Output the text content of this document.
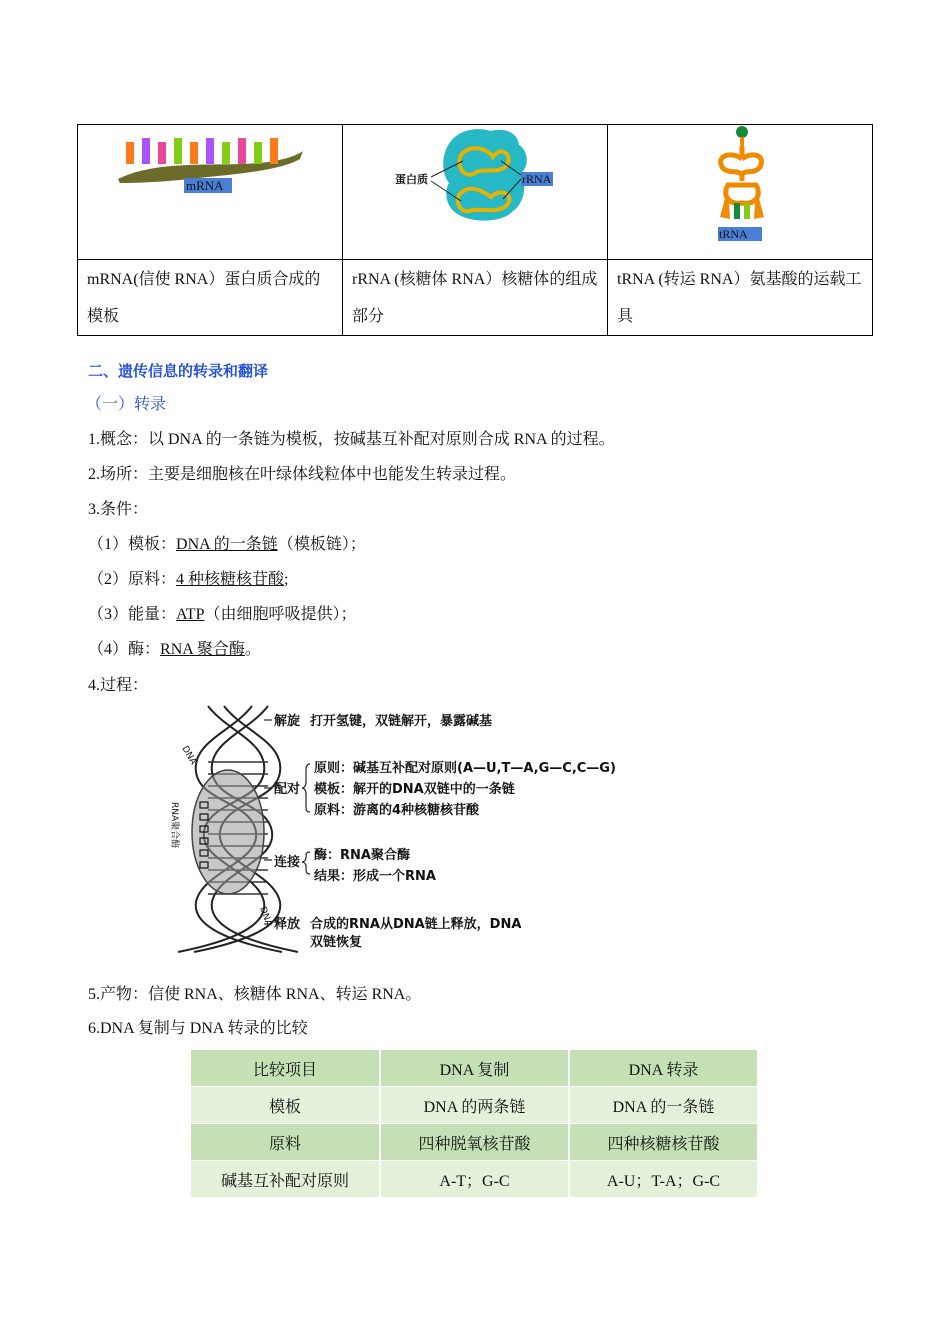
mRNA	蛋白质 rRNA	tRNA

mRNA(信使 RNA）蛋白质合成的模板	rRNA (核糖体 RNA）核糖体的组成部分	tRNA (转运 RNA）氨基酸的运载工具
二、遗传信息的转录和翻译
（一）转录
1.概念：以 DNA 的一条链为模板，按碱基互补配对原则合成 RNA 的过程。
2.场所：主要是细胞核在叶绿体线粒体中也能发生转录过程。
3.条件：
（1）模板：DNA 的一条链（模板链）；
（2）原料：4 种核糖核苷酸;
（3）能量：ATP（由细胞呼吸提供）；
（4）酶：RNA 聚合酶。
4.过程：
DNA
DNA
RNA聚合酶
解旋 打开氢键，双链解开，暴露碱基
配对
原则：碱基互补配对原则(A—U,T—A,G—C,C—G)
模板：解开的DNA双链中的一条链
原料：游离的4种核糖核苷酸
连接 酶：RNA聚合酶
结果：形成一个RNA
释放 合成的RNA从DNA链上释放，DNA
双链恢复
5.产物：信使 RNA、核糖体 RNA、转运 RNA。
6.DNA 复制与 DNA 转录的比较
比较项目	DNA 复制	DNA 转录
模板	DNA 的两条链	DNA 的一条链
原料	四种脱氧核苷酸	四种核糖核苷酸
碱基互补配对原则	A-T；G-C	A-U；T-A；G-C
